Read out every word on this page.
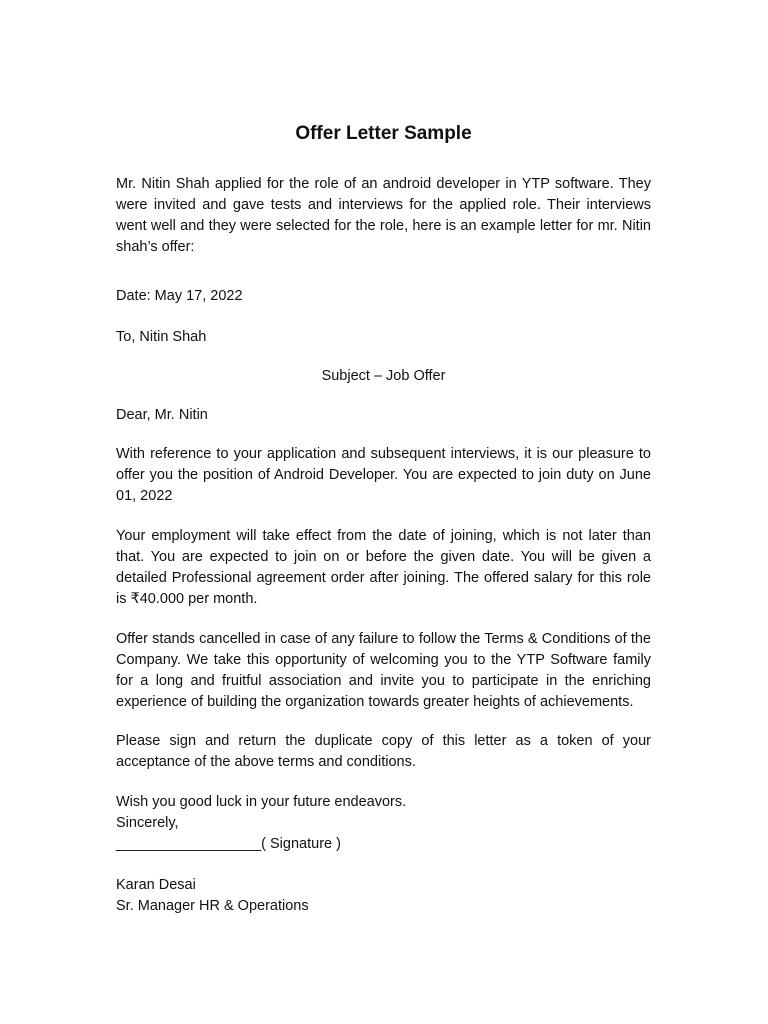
Offer Letter Sample

Mr. Nitin Shah applied for the role of an android developer in YTP software. They were invited and gave tests and interviews for the applied role. Their interviews went well and they were selected for the role, here is an example letter for mr. Nitin shah’s offer:

Date: May 17, 2022

To, Nitin Shah

Subject – Job Offer

Dear, Mr. Nitin

With reference to your application and subsequent interviews, it is our pleasure to offer you the position of Android Developer. You are expected to join duty on June 01, 2022

Your employment will take effect from the date of joining, which is not later than that. You are expected to join on or before the given date. You will be given a detailed Professional agreement order after joining. The offered salary for this role is ₹40.000 per month.

Offer stands cancelled in case of any failure to follow the Terms & Conditions of the Company. We take this opportunity of welcoming you to the YTP Software family for a long and fruitful association and invite you to participate in the enriching experience of building the organization towards greater heights of achievements.

Please sign and return the duplicate copy of this letter as a token of your acceptance of the above terms and conditions.

Wish you good luck in your future endeavors.

Sincerely,

__________________( Signature )

Karan Desai

Sr. Manager HR & Operations
